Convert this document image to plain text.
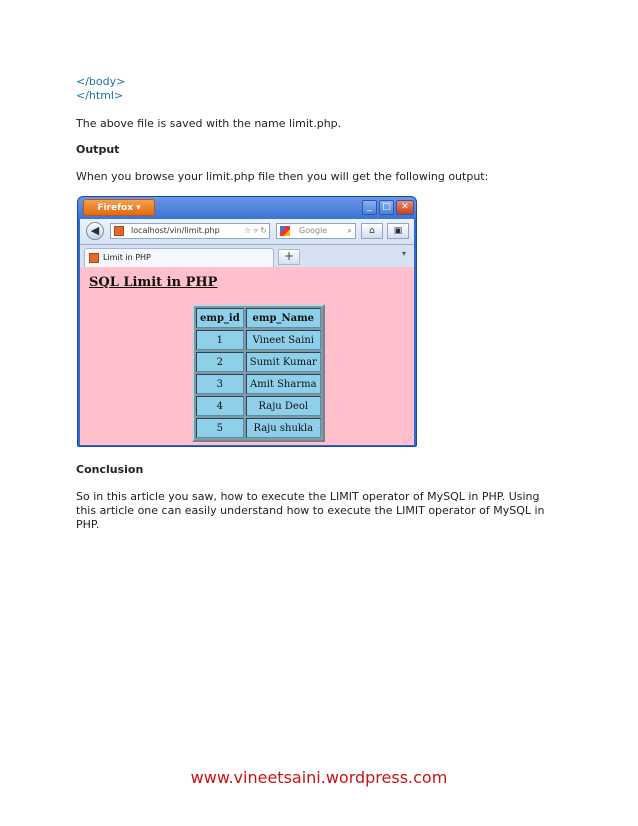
</body>
</html>
The above file is saved with the name limit.php.
Output
When you browse your limit.php file then you will get the following output:
Firefox ▾	_	□	✕
◀	localhost/vin/limit.php	☆ ▿ ↻	Google	⌕	⌂	▣
Limit in PHP	+	▾
SQL Limit in PHP
emp_id	emp_Name
1	Vineet Saini
2	Sumit Kumar
3	Amit Sharma
4	Raju Deol
5	Raju shukla
⋰
Conclusion
So in this article you saw, how to execute the LIMIT operator of MySQL in PHP. Using this article one can easily understand how to execute the LIMIT operator of MySQL in PHP.
www.vineetsaini.wordpress.com
